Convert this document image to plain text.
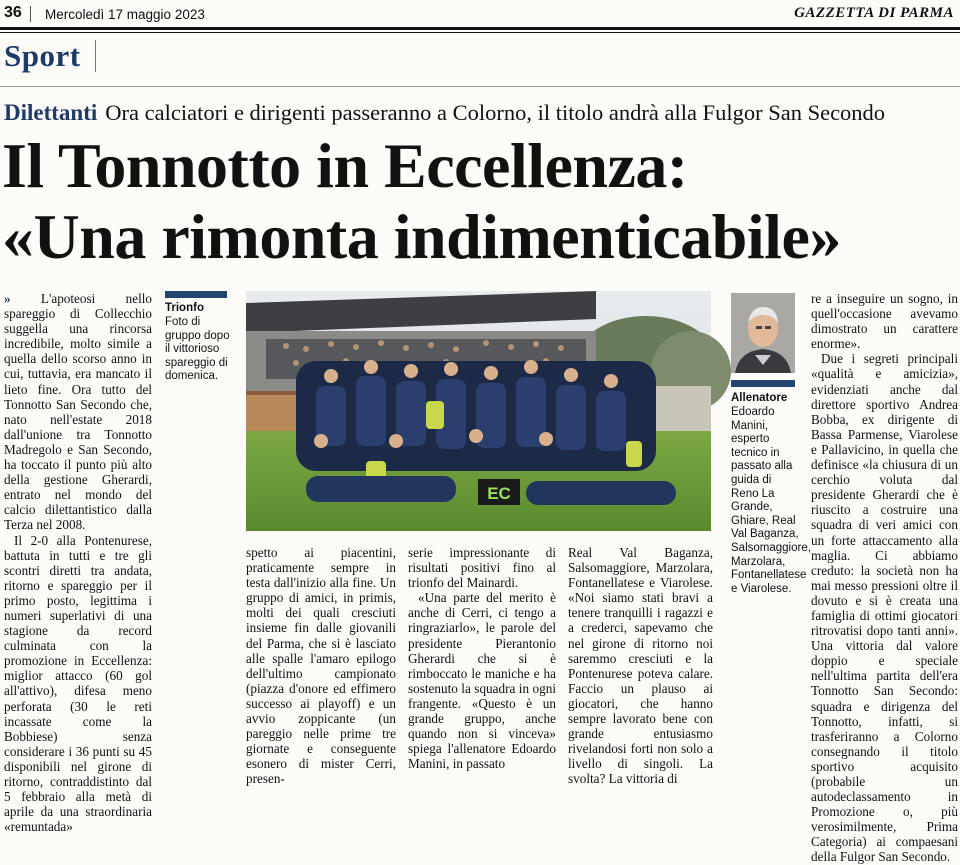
36 Mercoledì 17 maggio 2023	GAZZETTA DI PARMA
Sport
Dilettanti Ora calciatori e dirigenti passeranno a Colorno, il titolo andrà alla Fulgor San Secondo
Il Tonnotto in Eccellenza:
«Una rimonta indimenticabile»

» L'apoteosi nello spareggio di Collecchio suggella una rincorsa incredibile, molto simile a quella dello scorso anno in cui, tuttavia, era mancato il lieto fine. Ora tutto del Tonnotto San Secondo che, nato nell'estate 2018 dall'unione tra Tonnotto Madregolo e San Secondo, ha toccato il punto più alto della gestione Gherardi, entrato nel mondo del calcio dilettantistico dalla Terza nel 2008.

Il 2-0 alla Pontenurese, battuta in tutti e tre gli scontri diretti tra andata, ritorno e spareggio per il primo posto, legittima i numeri superlativi di una stagione da record culminata con la promozione in Eccellenza: miglior attacco (60 gol all'attivo), difesa meno perforata (30 le reti incassate come la Bobbiese) senza considerare i 36 punti su 45 disponibili nel girone di ritorno, contraddistinto dal 5 febbraio alla metà di aprile da una straordinaria «remuntada»

Trionfo
Foto di gruppo dopo il vittorioso spareggio di domenica.
EC

spetto ai piacentini, praticamente sempre in testa dall'inizio alla fine. Un gruppo di amici, in primis, molti dei quali cresciuti insieme fin dalle giovanili del Parma, che si è lasciato alle spalle l'amaro epilogo dell'ultimo campionato (piazza d'onore ed effimero successo ai playoff) e un avvio zoppicante (un pareggio nelle prime tre giornate e conseguente esonero di mister Cerri, presen-

serie impressionante di risultati positivi fino al trionfo del Mainardi.

«Una parte del merito è anche di Cerri, ci tengo a ringraziarlo», le parole del presidente Pierantonio Gherardi che si è rimboccato le maniche e ha sostenuto la squadra in ogni frangente. «Questo è un grande gruppo, anche quando non si vinceva» spiega l'allenatore Edoardo Manini, in passato

Real Val Baganza, Salsomaggiore, Marzolara, Fontanellatese e Viarolese. «Noi siamo stati bravi a tenere tranquilli i ragazzi e a crederci, sapevamo che nel girone di ritorno noi saremmo cresciuti e la Pontenurese poteva calare. Faccio un plauso ai giocatori, che hanno sempre lavorato bene con grande entusiasmo rivelandosi forti non solo a livello di singoli. La svolta? La vittoria di

Allenatore
Edoardo Manini, esperto tecnico in passato alla guida di Reno La Grande, Ghiare, Real Val Baganza, Salsomaggiore, Marzolara, Fontanellatese e Viarolese.

re a inseguire un sogno, in quell'occasione avevamo dimostrato un carattere enorme».

Due i segreti principali «qualità e amicizia», evidenziati anche dal direttore sportivo Andrea Bobba, ex dirigente di Bassa Parmense, Viarolese e Pallavicino, in quella che definisce «la chiusura di un cerchio voluta dal presidente Gherardi che è riuscito a costruire una squadra di veri amici con un forte attaccamento alla maglia. Ci abbiamo creduto: la società non ha mai messo pressioni oltre il dovuto e si è creata una famiglia di ottimi giocatori ritrovatisi dopo tanti anni». Una vittoria dal valore doppio e speciale nell'ultima partita dell'era Tonnotto San Secondo: squadra e dirigenza del Tonnotto, infatti, si trasferiranno a Colorno consegnando il titolo sportivo acquisito (probabile un autodeclassamento in Promozione o, più verosimilmente, Prima Categoria) ai compaesani della Fulgor San Secondo.
